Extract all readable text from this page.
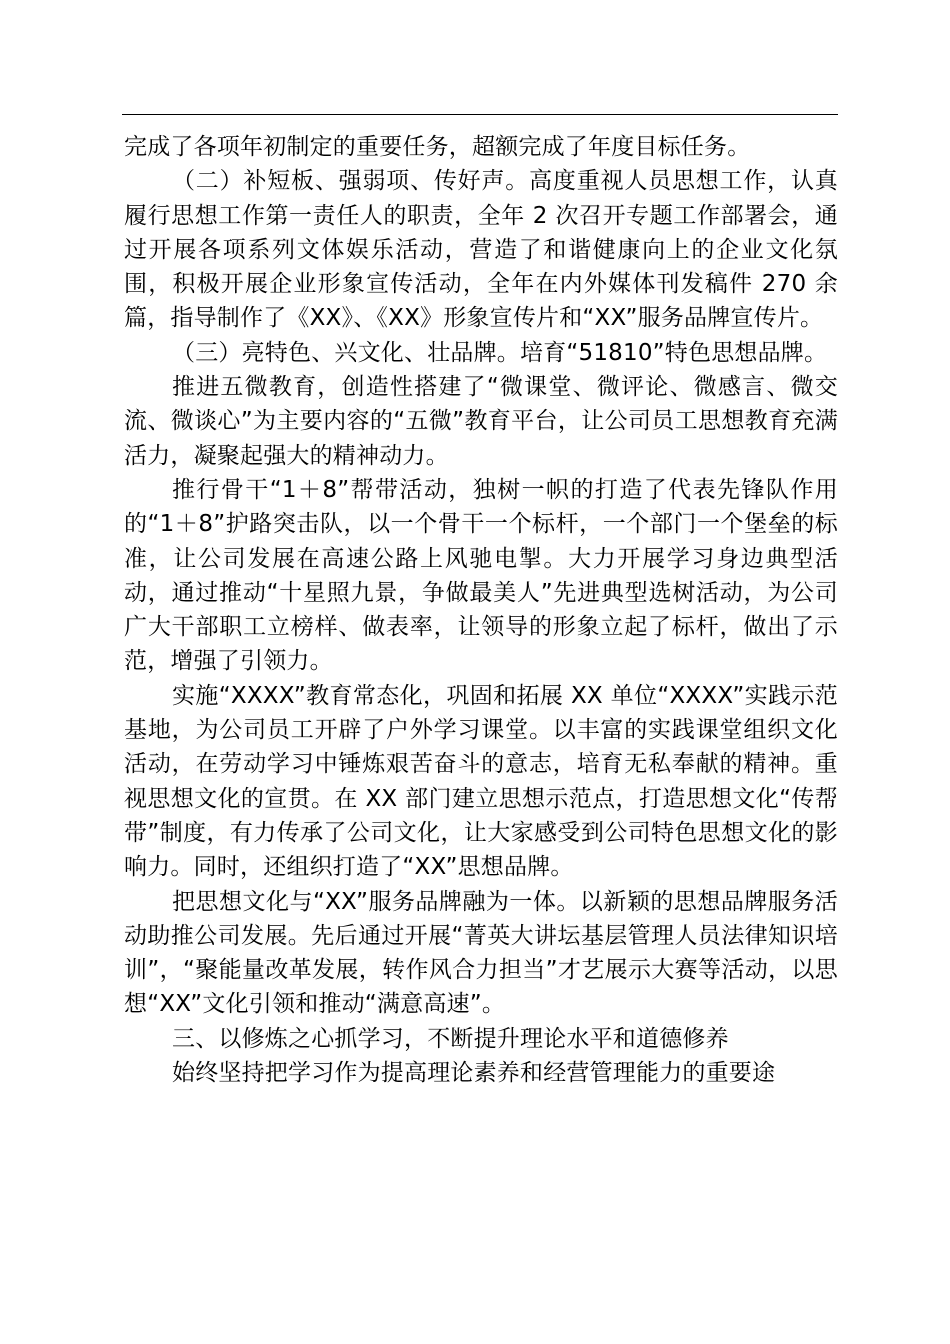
完成了各项年初制定的重要任务，超额完成了年度目标任务。

（二）补短板、强弱项、传好声。高度重视人员思想工作，认真履行思想工作第一责任人的职责，全年 2 次召开专题工作部署会，通过开展各项系列文体娱乐活动，营造了和谐健康向上的企业文化氛围，积极开展企业形象宣传活动，全年在内外媒体刊发稿件 270 余篇，指导制作了《XX》、《XX》形象宣传片和“XX”服务品牌宣传片。

（三）亮特色、兴文化、壮品牌。培育“51810”特色思想品牌。

推进五微教育，创造性搭建了“微课堂、微评论、微感言、微交流、微谈心”为主要内容的“五微”教育平台，让公司员工思想教育充满活力，凝聚起强大的精神动力。

推行骨干“1＋8”帮带活动，独树一帜的打造了代表先锋队作用的“1＋8”护路突击队，以一个骨干一个标杆，一个部门一个堡垒的标准，让公司发展在高速公路上风驰电掣。大力开展学习身边典型活动，通过推动“十星照九景，争做最美人”先进典型选树活动，为公司广大干部职工立榜样、做表率，让领导的形象立起了标杆，做出了示范，增强了引领力。

实施“XXXX”教育常态化，巩固和拓展 XX 单位“XXXX”实践示范基地，为公司员工开辟了户外学习课堂。以丰富的实践课堂组织文化活动，在劳动学习中锤炼艰苦奋斗的意志，培育无私奉献的精神。重视思想文化的宣贯。在 XX 部门建立思想示范点，打造思想文化“传帮带”制度，有力传承了公司文化，让大家感受到公司特色思想文化的影响力。同时，还组织打造了“XX”思想品牌。

把思想文化与“XX”服务品牌融为一体。以新颖的思想品牌服务活动助推公司发展。先后通过开展“菁英大讲坛基层管理人员法律知识培训”，“聚能量改革发展，转作风合力担当”才艺展示大赛等活动，以思想“XX”文化引领和推动“满意高速”。

三、以修炼之心抓学习，不断提升理论水平和道德修养

始终坚持把学习作为提高理论素养和经营管理能力的重要途
